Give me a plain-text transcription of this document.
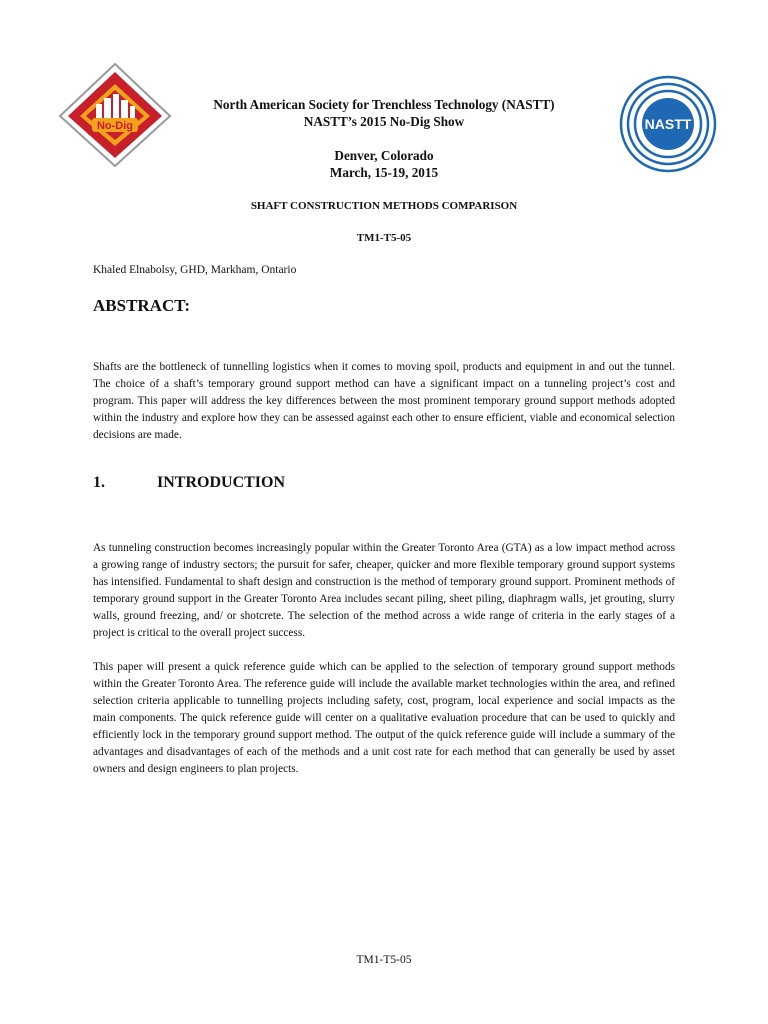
No-Dig	NASTT
North American Society for Trenchless Technology (NASTT)
NASTT’s 2015 No-Dig Show
Denver, Colorado
March, 15-19, 2015
SHAFT CONSTRUCTION METHODS COMPARISON
TM1-T5-05
Khaled Elnabolsy, GHD, Markham, Ontario
ABSTRACT:

Shafts are the bottleneck of tunnelling logistics when it comes to moving spoil, products and equipment in and out the tunnel. The choice of a shaft’s temporary ground support method can have a significant impact on a tunneling project’s cost and program. This paper will address the key differences between the most prominent temporary ground support methods adopted within the industry and explore how they can be assessed against each other to ensure efficient, viable and economical selection decisions are made.

1.	INTRODUCTION

As tunneling construction becomes increasingly popular within the Greater Toronto Area (GTA) as a low impact method across a growing range of industry sectors; the pursuit for safer, cheaper, quicker and more flexible temporary ground support systems has intensified. Fundamental to shaft design and construction is the method of temporary ground support. Prominent methods of temporary ground support in the Greater Toronto Area includes secant piling, sheet piling, diaphragm walls, jet grouting, slurry walls, ground freezing, and/ or shotcrete. The selection of the method across a wide range of criteria in the early stages of a project is critical to the overall project success.

This paper will present a quick reference guide which can be applied to the selection of temporary ground support methods within the Greater Toronto Area. The reference guide will include the available market technologies within the area, and refined selection criteria applicable to tunnelling projects including safety, cost, program, local experience and social impacts as the main components. The quick reference guide will center on a qualitative evaluation procedure that can be used to quickly and efficiently lock in the temporary ground support method. The output of the quick reference guide will include a summary of the advantages and disadvantages of each of the methods and a unit cost rate for each method that can generally be used by asset owners and design engineers to plan projects.

TM1-T5-05
